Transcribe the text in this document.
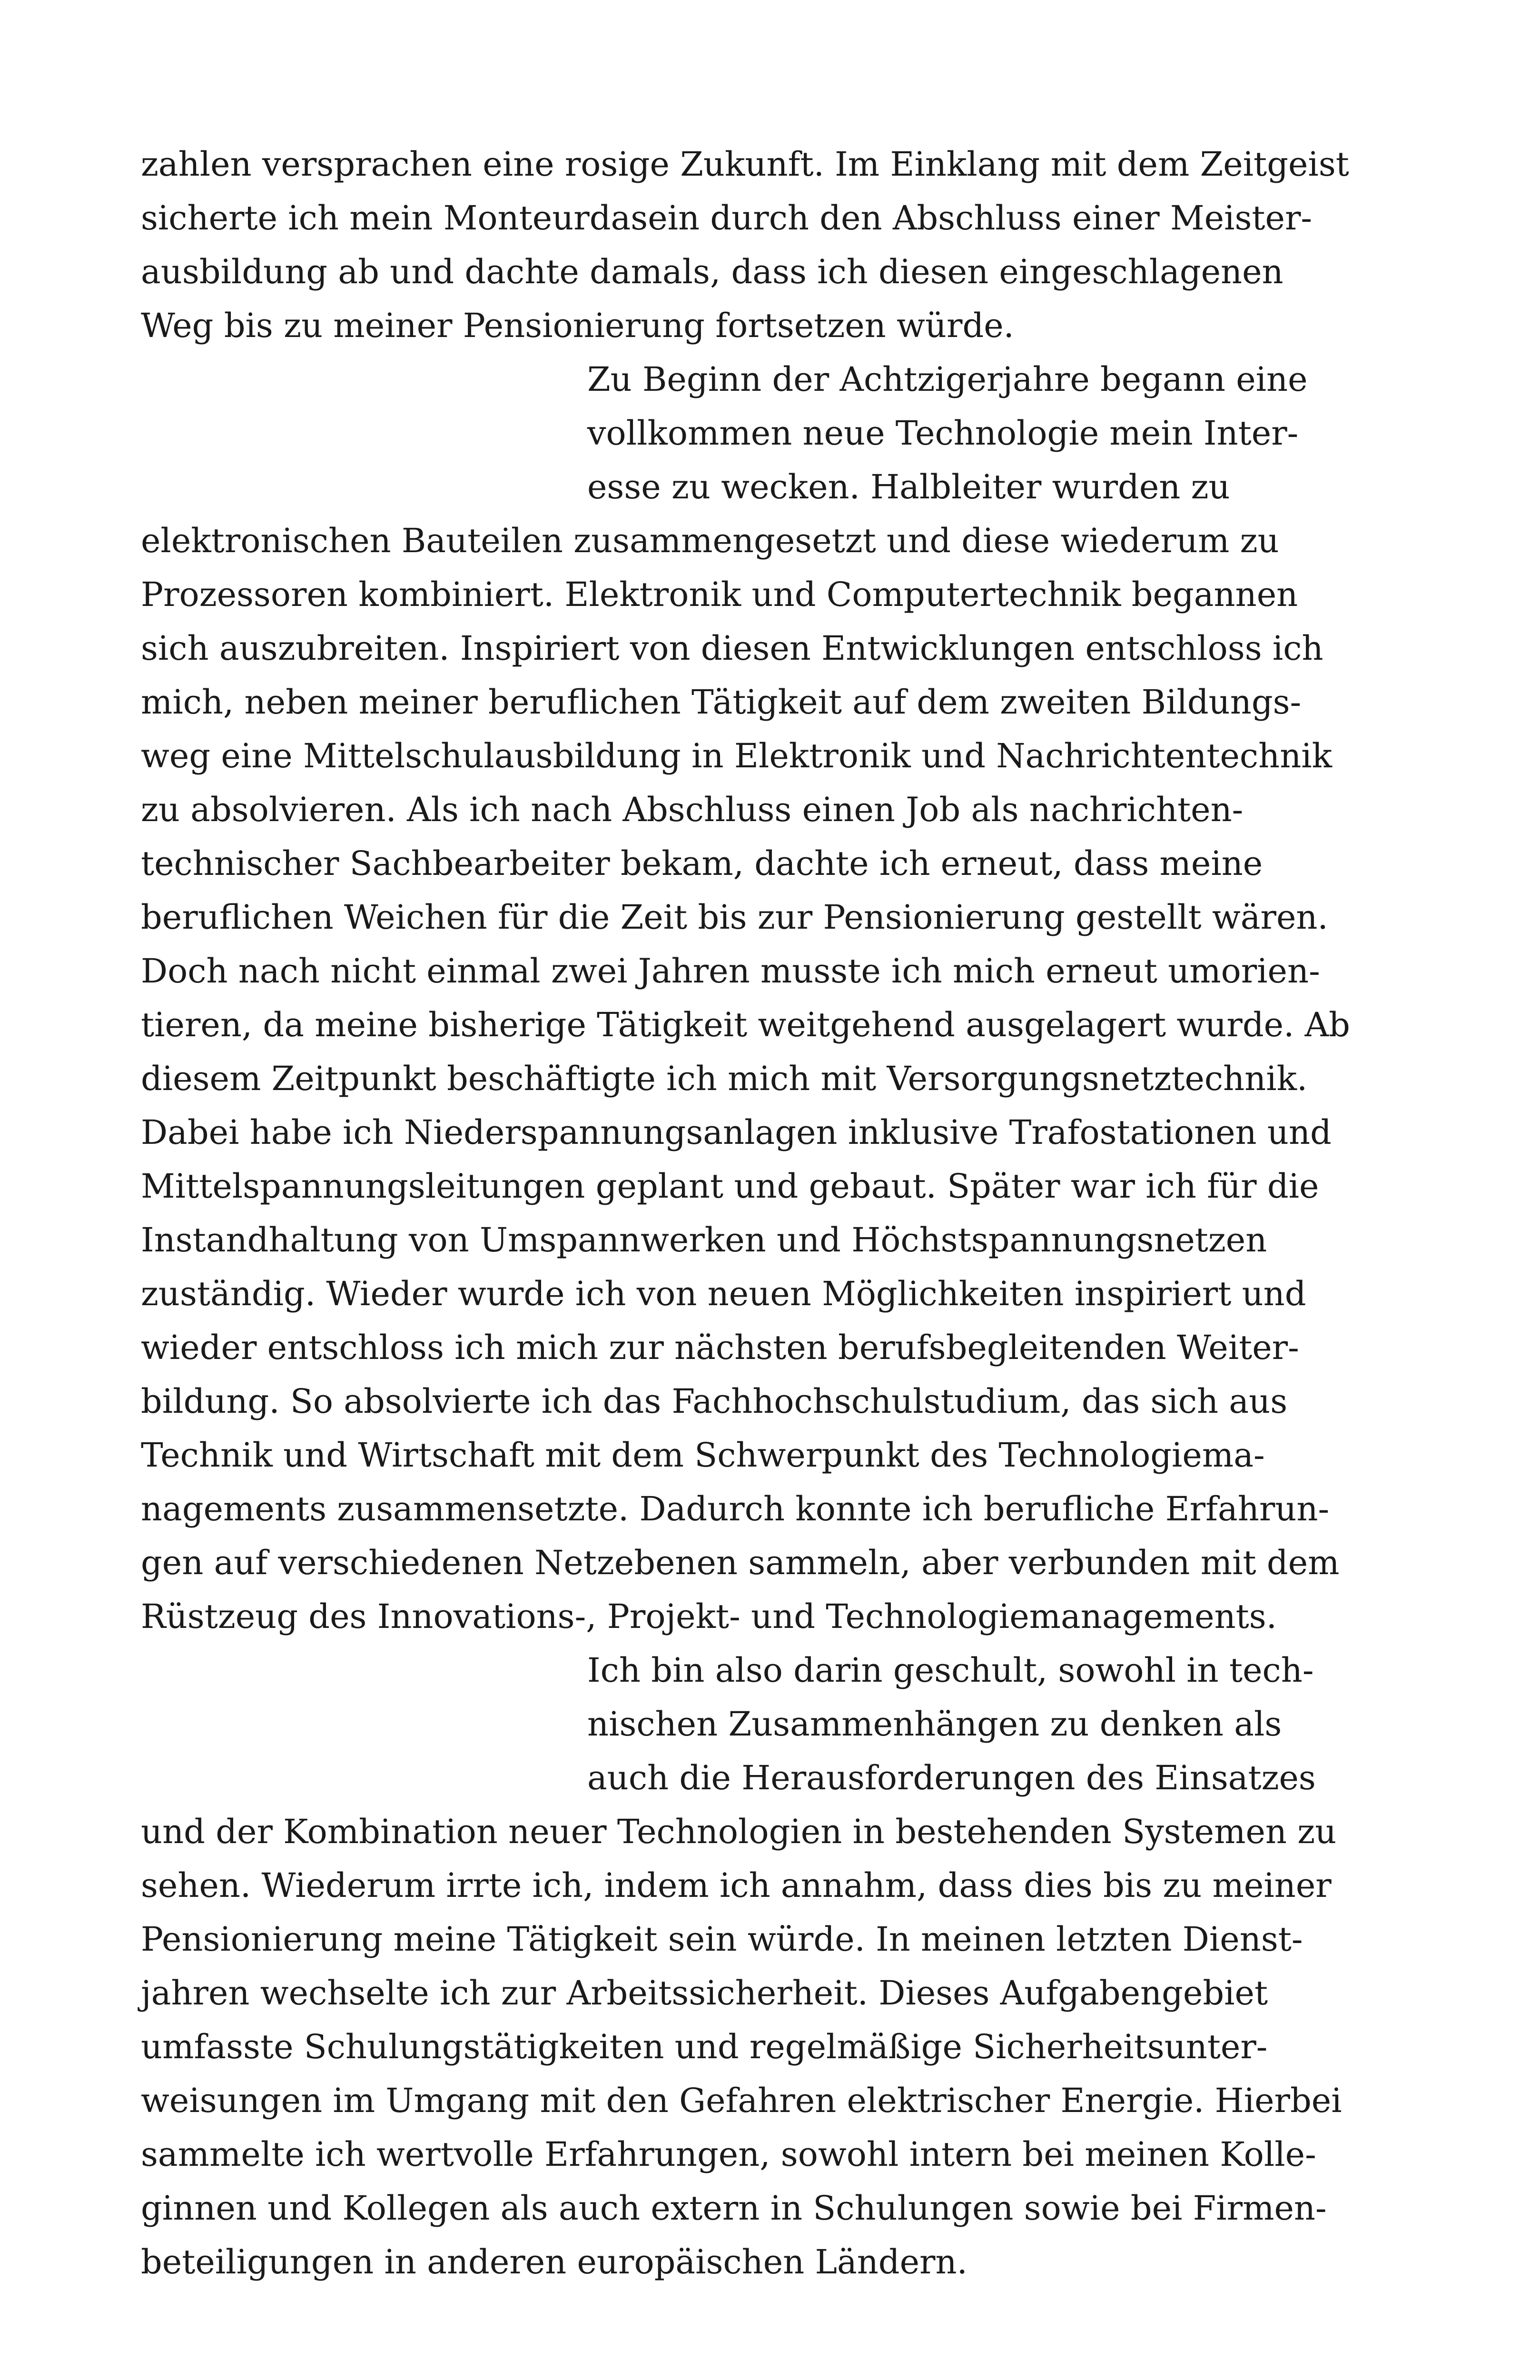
zahlen versprachen eine rosige Zukunft. Im Einklang mit dem Zeitgeist
sicherte ich mein Monteurdasein durch den Abschluss einer Meister-
ausbildung ab und dachte damals, dass ich diesen eingeschlagenen
Weg bis zu meiner Pensionierung fortsetzen würde.
Zu Beginn der Achtzigerjahre begann eine
vollkommen neue Technologie mein Inter-
esse zu wecken. Halbleiter wurden zu
elektronischen Bauteilen zusammengesetzt und diese wiederum zu
Prozessoren kombiniert. Elektronik und Computertechnik begannen
sich auszubreiten. Inspiriert von diesen Entwicklungen entschloss ich
mich, neben meiner beruflichen Tätigkeit auf dem zweiten Bildungs-
weg eine Mittelschulausbildung in Elektronik und Nachrichtentechnik
zu absolvieren. Als ich nach Abschluss einen Job als nachrichten-
technischer Sachbearbeiter bekam, dachte ich erneut, dass meine
beruflichen Weichen für die Zeit bis zur Pensionierung gestellt wären.
Doch nach nicht einmal zwei Jahren musste ich mich erneut umorien-
tieren, da meine bisherige Tätigkeit weitgehend ausgelagert wurde. Ab
diesem Zeitpunkt beschäftigte ich mich mit Versorgungsnetztechnik.
Dabei habe ich Niederspannungsanlagen inklusive Trafostationen und
Mittelspannungsleitungen geplant und gebaut. Später war ich für die
Instandhaltung von Umspannwerken und Höchstspannungsnetzen
zuständig. Wieder wurde ich von neuen Möglichkeiten inspiriert und
wieder entschloss ich mich zur nächsten berufsbegleitenden Weiter-
bildung. So absolvierte ich das Fachhochschulstudium, das sich aus
Technik und Wirtschaft mit dem Schwerpunkt des Technologiema-
nagements zusammensetzte. Dadurch konnte ich berufliche Erfahrun-
gen auf verschiedenen Netzebenen sammeln, aber verbunden mit dem
Rüstzeug des Innovations-, Projekt- und Technologiemanagements.
Ich bin also darin geschult, sowohl in tech-
nischen Zusammenhängen zu denken als
auch die Herausforderungen des Einsatzes
und der Kombination neuer Technologien in bestehenden Systemen zu
sehen. Wiederum irrte ich, indem ich annahm, dass dies bis zu meiner
Pensionierung meine Tätigkeit sein würde. In meinen letzten Dienst-
jahren wechselte ich zur Arbeitssicherheit. Dieses Aufgabengebiet
umfasste Schulungstätigkeiten und regelmäßige Sicherheitsunter-
weisungen im Umgang mit den Gefahren elektrischer Energie. Hierbei
sammelte ich wertvolle Erfahrungen, sowohl intern bei meinen Kolle-
ginnen und Kollegen als auch extern in Schulungen sowie bei Firmen-
beteiligungen in anderen europäischen Ländern.
